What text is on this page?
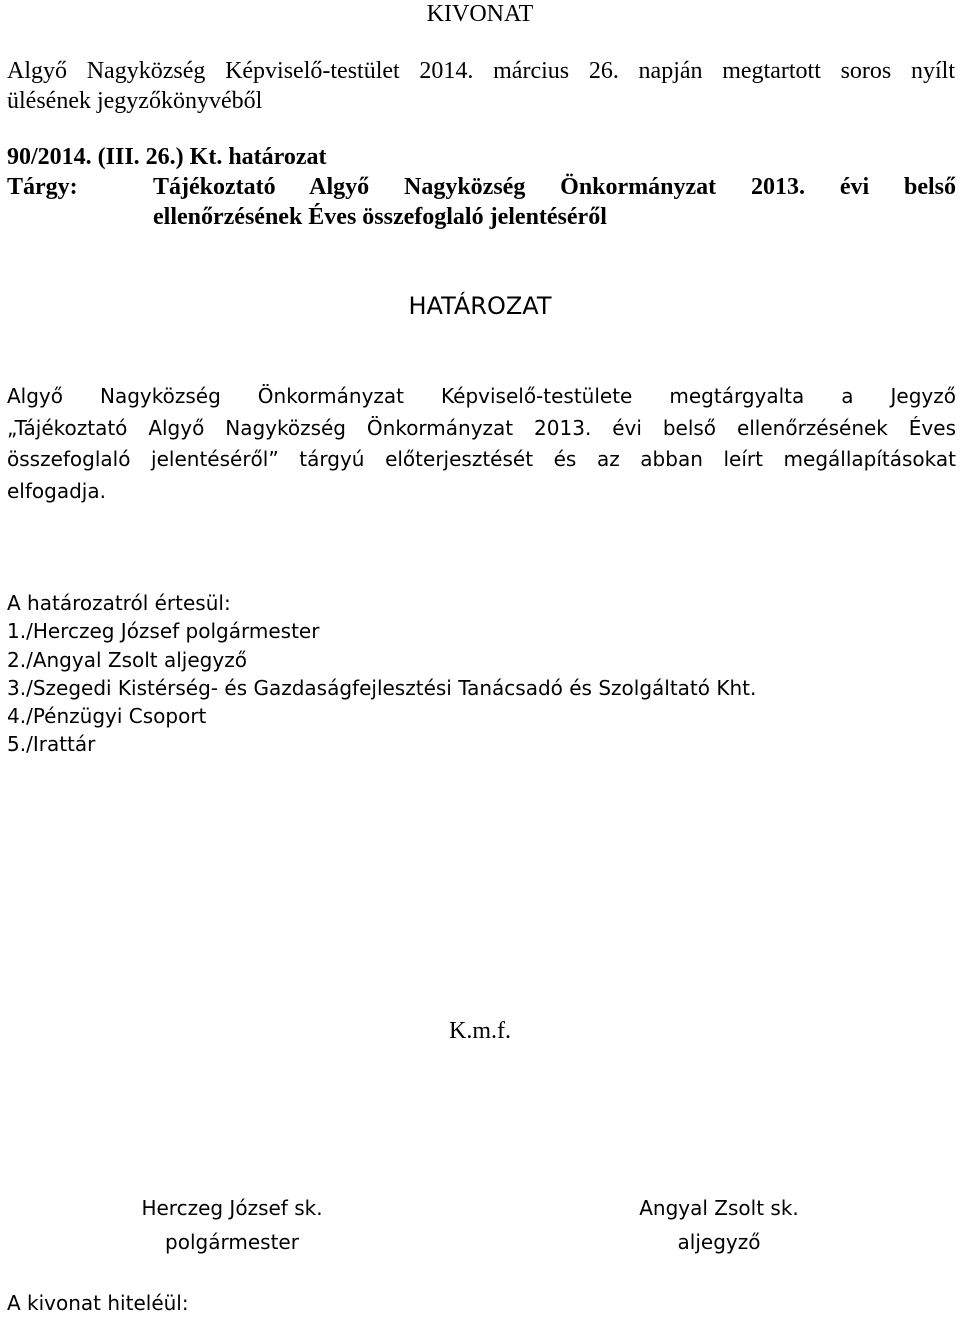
KIVONAT
Algyő Nagyközség Képviselő-testület 2014. március 26. napján megtartott soros nyílt
ülésének jegyzőkönyvéből
90/2014. (III. 26.) Kt. határozat
Tárgy:	Tájékoztató Algyő Nagyközség Önkormányzat 2013. évi belső
ellenőrzésének Éves összefoglaló jelentéséről
HATÁROZAT
Algyő Nagyközség Önkormányzat Képviselő-testülete megtárgyalta a Jegyző
„Tájékoztató Algyő Nagyközség Önkormányzat 2013. évi belső ellenőrzésének Éves
összefoglaló jelentéséről” tárgyú előterjesztését és az abban leírt megállapításokat
elfogadja.
A határozatról értesül:
1./Herczeg József polgármester
2./Angyal Zsolt aljegyző
3./Szegedi Kistérség- és Gazdaságfejlesztési Tanácsadó és Szolgáltató Kht.
4./Pénzügyi Csoport
5./Irattár
K.m.f.
Herczeg József sk.
polgármester
Angyal Zsolt sk.
aljegyző
A kivonat hiteléül:
